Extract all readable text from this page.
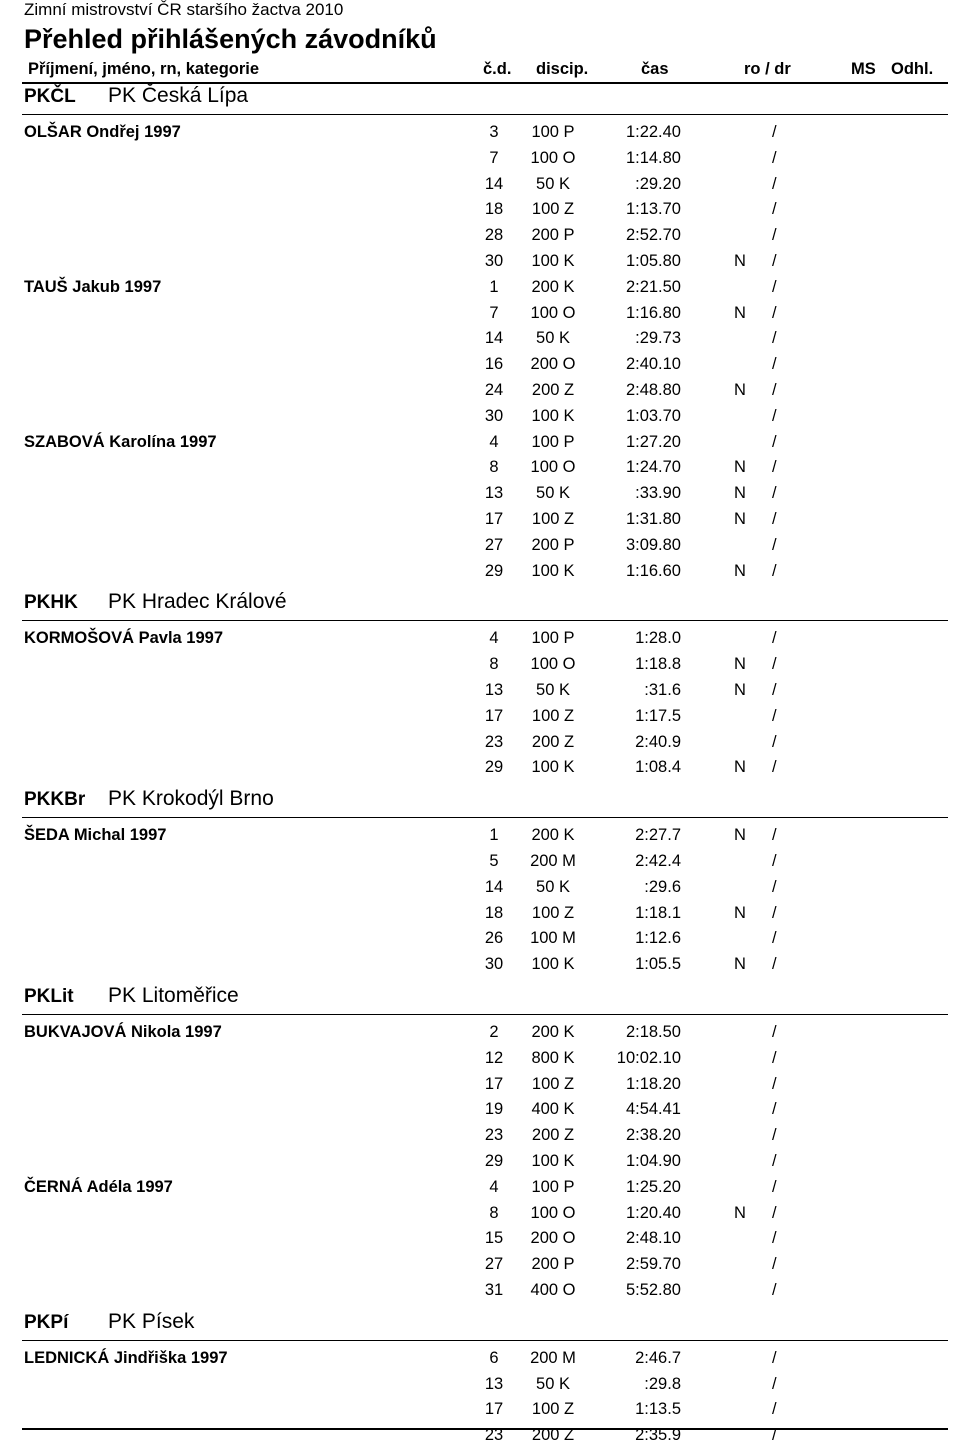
Zimní mistrovství ČR staršího žactva 2010
Přehled přihlášených závodníků
Příjmení, jméno, rn, kategorie	č.d. discip.	čas	ro / dr	MS Odhl.
PKČL PK Česká Lípa
OLŠAR Ondřej 1997	3	100 P	1:22.40	/
7	100 O	1:14.80	/
14	50 K	:29.20	/
18	100 Z	1:13.70	/
28	200 P	2:52.70	/
30	100 K	1:05.80	N /
TAUŠ Jakub 1997	1	200 K	2:21.50	/
7	100 O	1:16.80	N /
14	50 K	:29.73	/
16	200 O	2:40.10	/
24	200 Z	2:48.80	N /
30	100 K	1:03.70	/
SZABOVÁ Karolína 1997	4	100 P	1:27.20	/
8	100 O	1:24.70	N /
13	50 K	:33.90	N /
17	100 Z	1:31.80	N /
27	200 P	3:09.80	/
29	100 K	1:16.60	N /
PKHK PK Hradec Králové
KORMOŠOVÁ Pavla 1997	4	100 P	1:28.0	/
8	100 O	1:18.8	N /
13	50 K	:31.6	N /
17	100 Z	1:17.5	/
23	200 Z	2:40.9	/
29	100 K	1:08.4	N /
PKKBr PK Krokodýl Brno
ŠEDA Michal 1997	1	200 K	2:27.7	N /
5	200 M	2:42.4	/
14	50 K	:29.6	/
18	100 Z	1:18.1	N /
26	100 M	1:12.6	/
30	100 K	1:05.5	N /
PKLit PK Litoměřice
BUKVAJOVÁ Nikola 1997	2	200 K	2:18.50	/
12	800 K	10:02.10	/
17	100 Z	1:18.20	/
19	400 K	4:54.41	/
23	200 Z	2:38.20	/
29	100 K	1:04.90	/
ČERNÁ Adéla 1997	4	100 P	1:25.20	/
8	100 O	1:20.40	N /
15	200 O	2:48.10	/
27	200 P	2:59.70	/
31	400 O	5:52.80	/
PKPí PK Písek
LEDNICKÁ Jindřiška 1997	6	200 M	2:46.7	/
13	50 K	:29.8	/
17	100 Z	1:13.5	/
23	200 Z	2:35.9	/
